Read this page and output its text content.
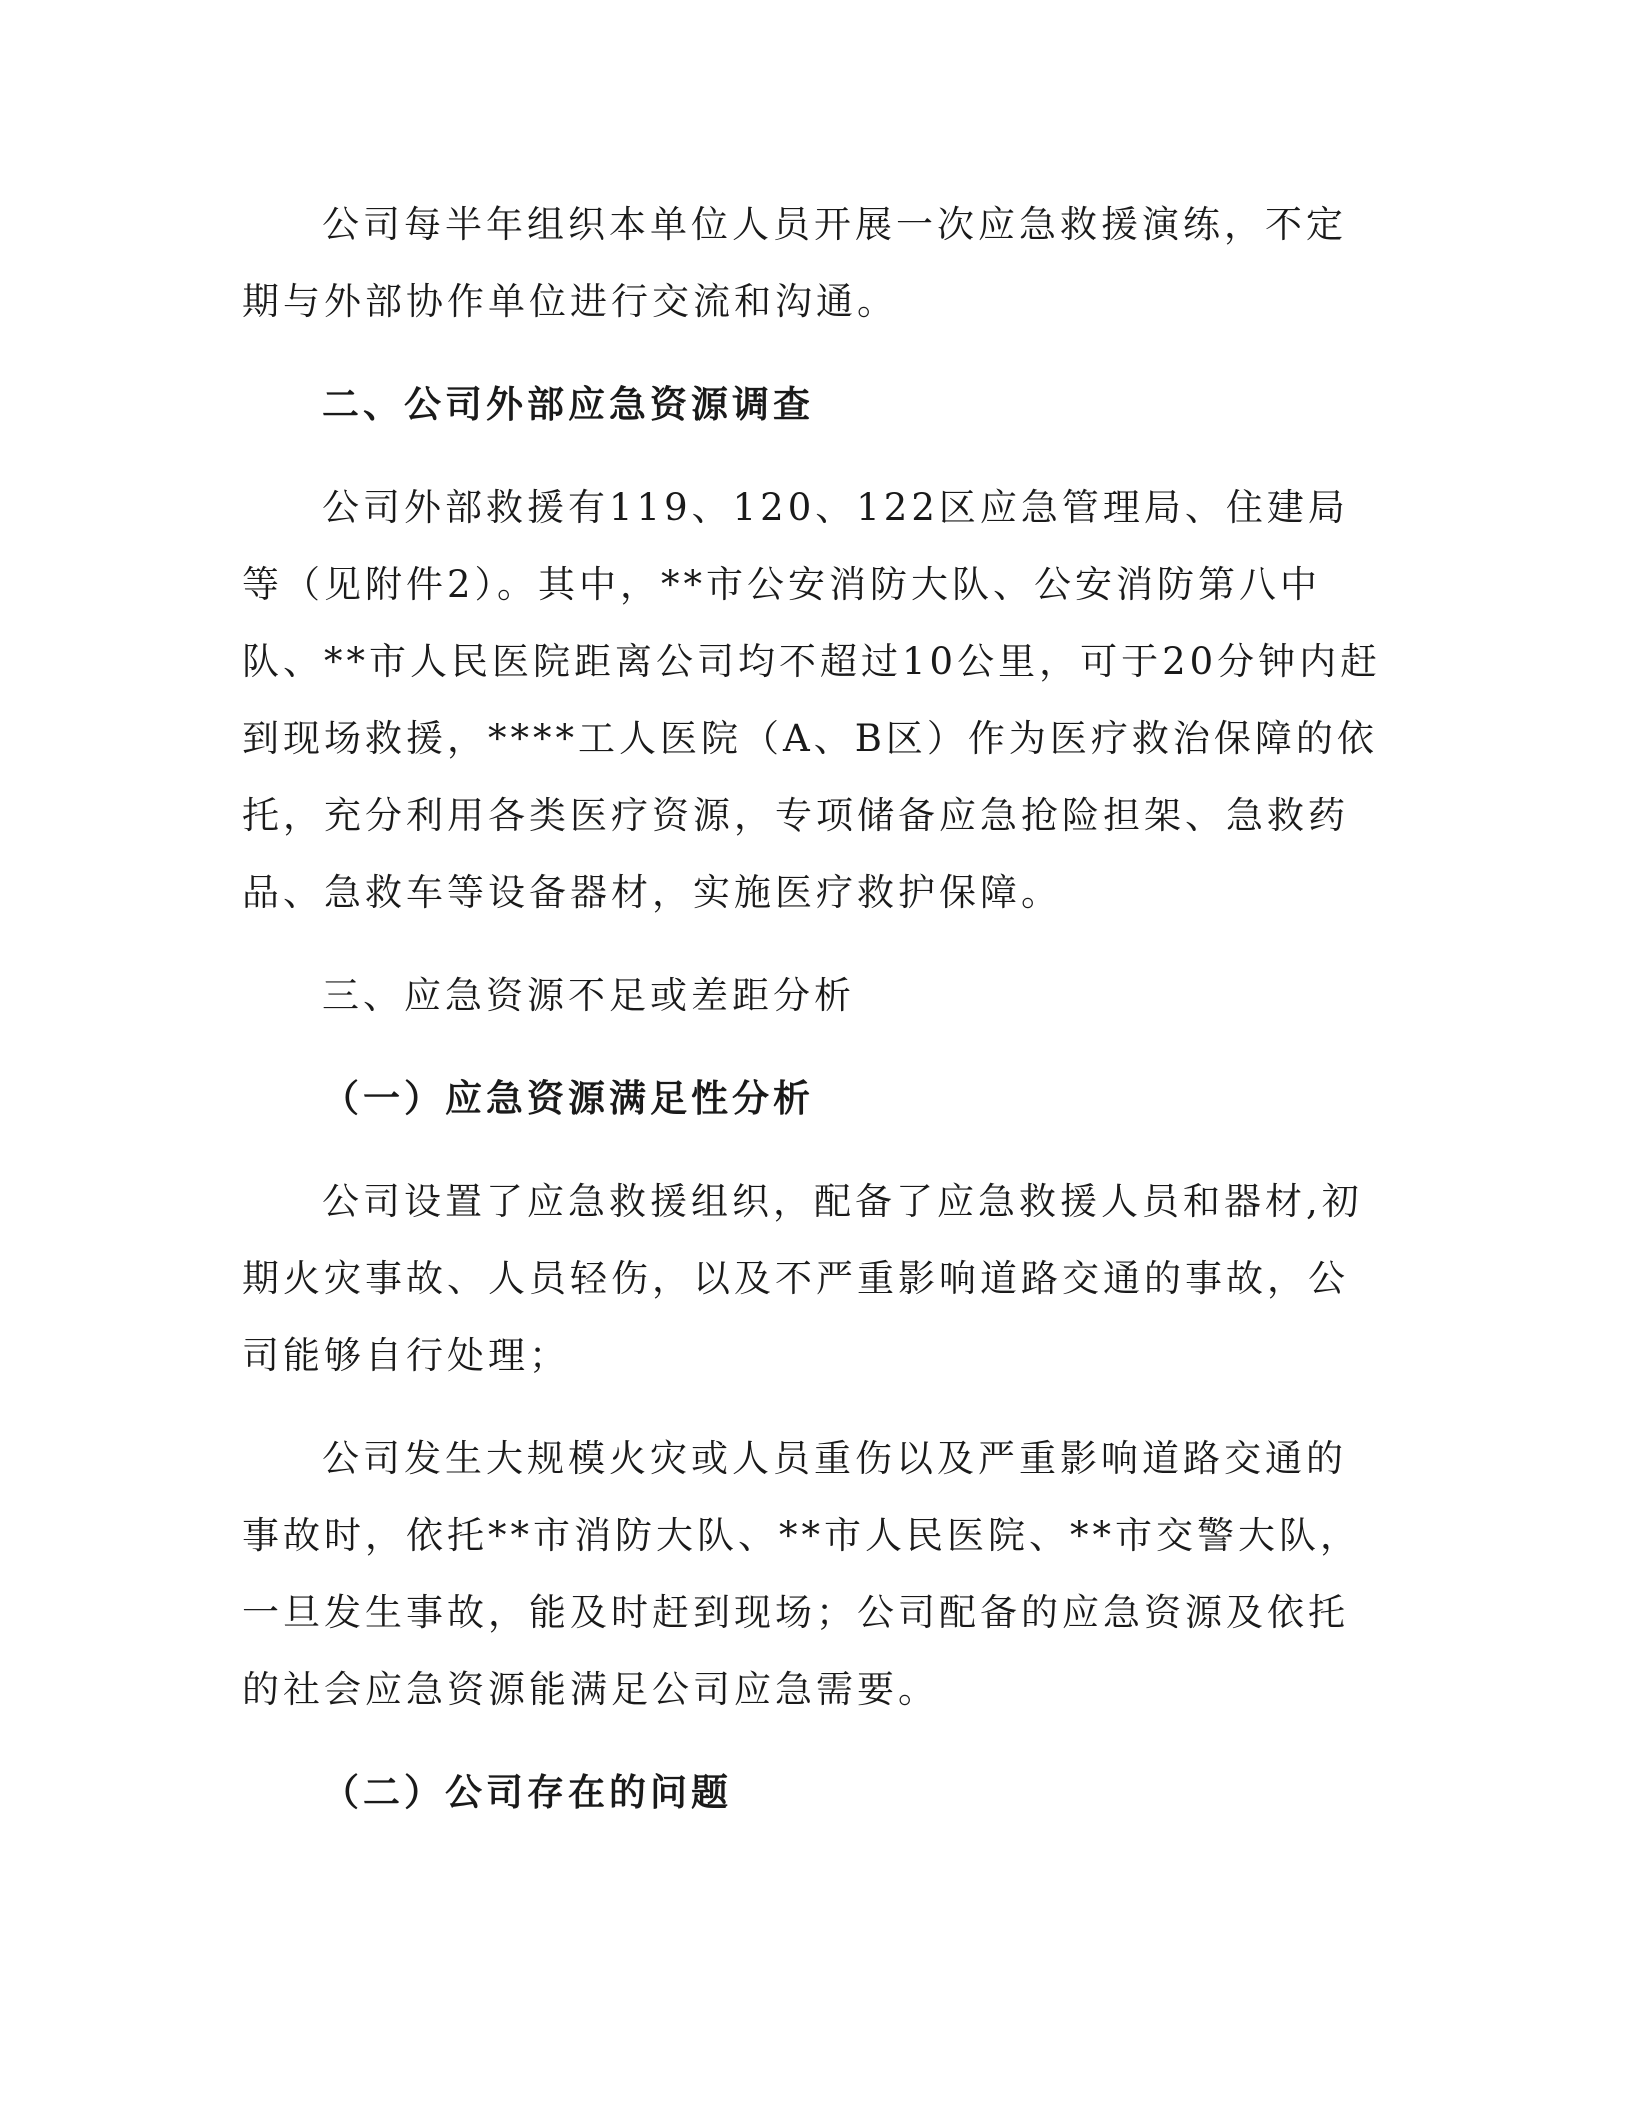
公司每半年组织本单位人员开展一次应急救援演练，不定期与外部协作单位进行交流和沟通。

二、公司外部应急资源调查

公司外部救援有119、120、122区应急管理局、住建局等（见附件2）。其中，**市公安消防大队、公安消防第八中队、**市人民医院距离公司均不超过10公里，可于20分钟内赶到现场救援，****工人医院（A、B区）作为医疗救治保障的依托，充分利用各类医疗资源，专项储备应急抢险担架、急救药品、急救车等设备器材，实施医疗救护保障。

三、应急资源不足或差距分析

（一）应急资源满足性分析

公司设置了应急救援组织，配备了应急救援人员和器材,初期火灾事故、人员轻伤，以及不严重影响道路交通的事故，公司能够自行处理；

公司发生大规模火灾或人员重伤以及严重影响道路交通的事故时，依托**市消防大队、**市人民医院、**市交警大队，一旦发生事故，能及时赶到现场；公司配备的应急资源及依托的社会应急资源能满足公司应急需要。

（二）公司存在的问题
